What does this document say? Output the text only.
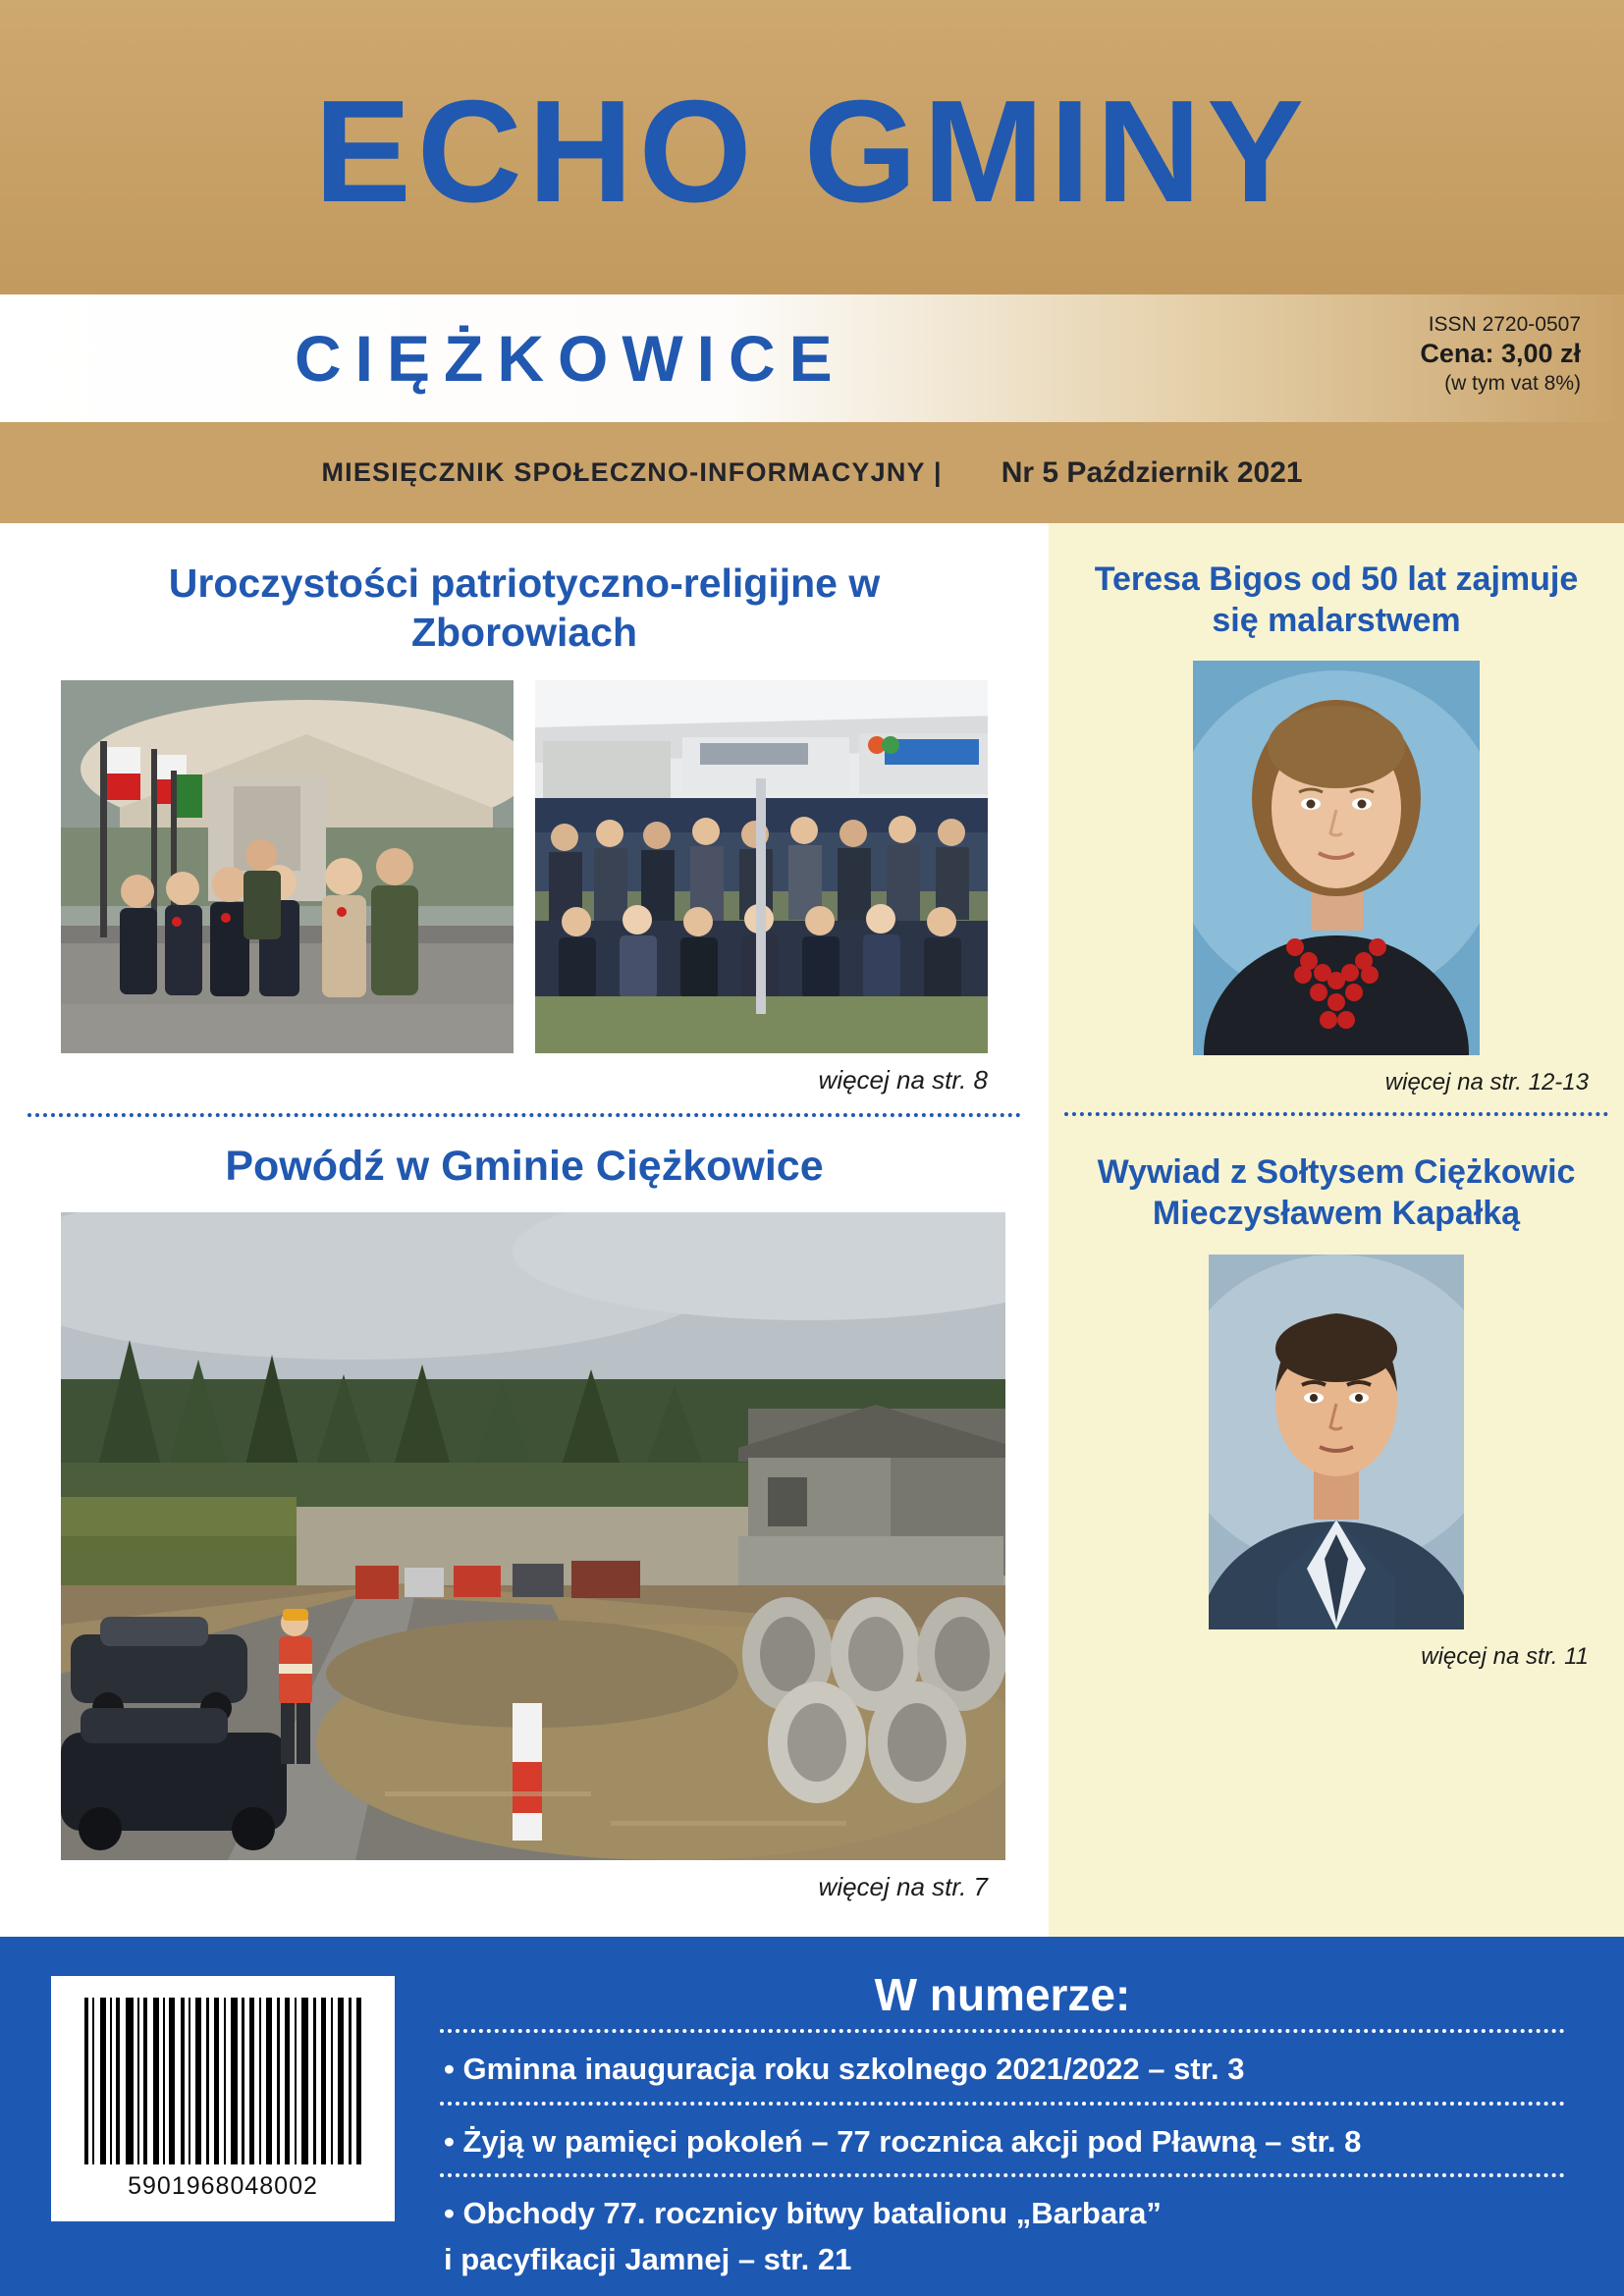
ECHO GMINY
CIĘŻKOWICE	ISSN 2720-0507
Cena: 3,00 zł
(w tym vat 8%)
MIESIĘCZNIK SPOŁECZNO-INFORMACYJNY | Nr 5 Październik 2021
Uroczystości patriotyczno-religijne w Zborowiach
więcej na str. 8
Powódź w Gminie Ciężkowice
więcej na str. 7
Teresa Bigos od 50 lat zajmuje się malarstwem
więcej na str. 12-13
Wywiad z Sołtysem Ciężkowic Mieczysławem Kapałką
więcej na str. 11
5901968048002
W numerze:
• Gminna inauguracja roku szkolnego 2021/2022 – str. 3
• Żyją w pamięci pokoleń – 77 rocznica akcji pod Pławną – str. 8
• Obchody 77. rocznicy bitwy batalionu „Barbara”
i pacyfikacji Jamnej – str. 21
